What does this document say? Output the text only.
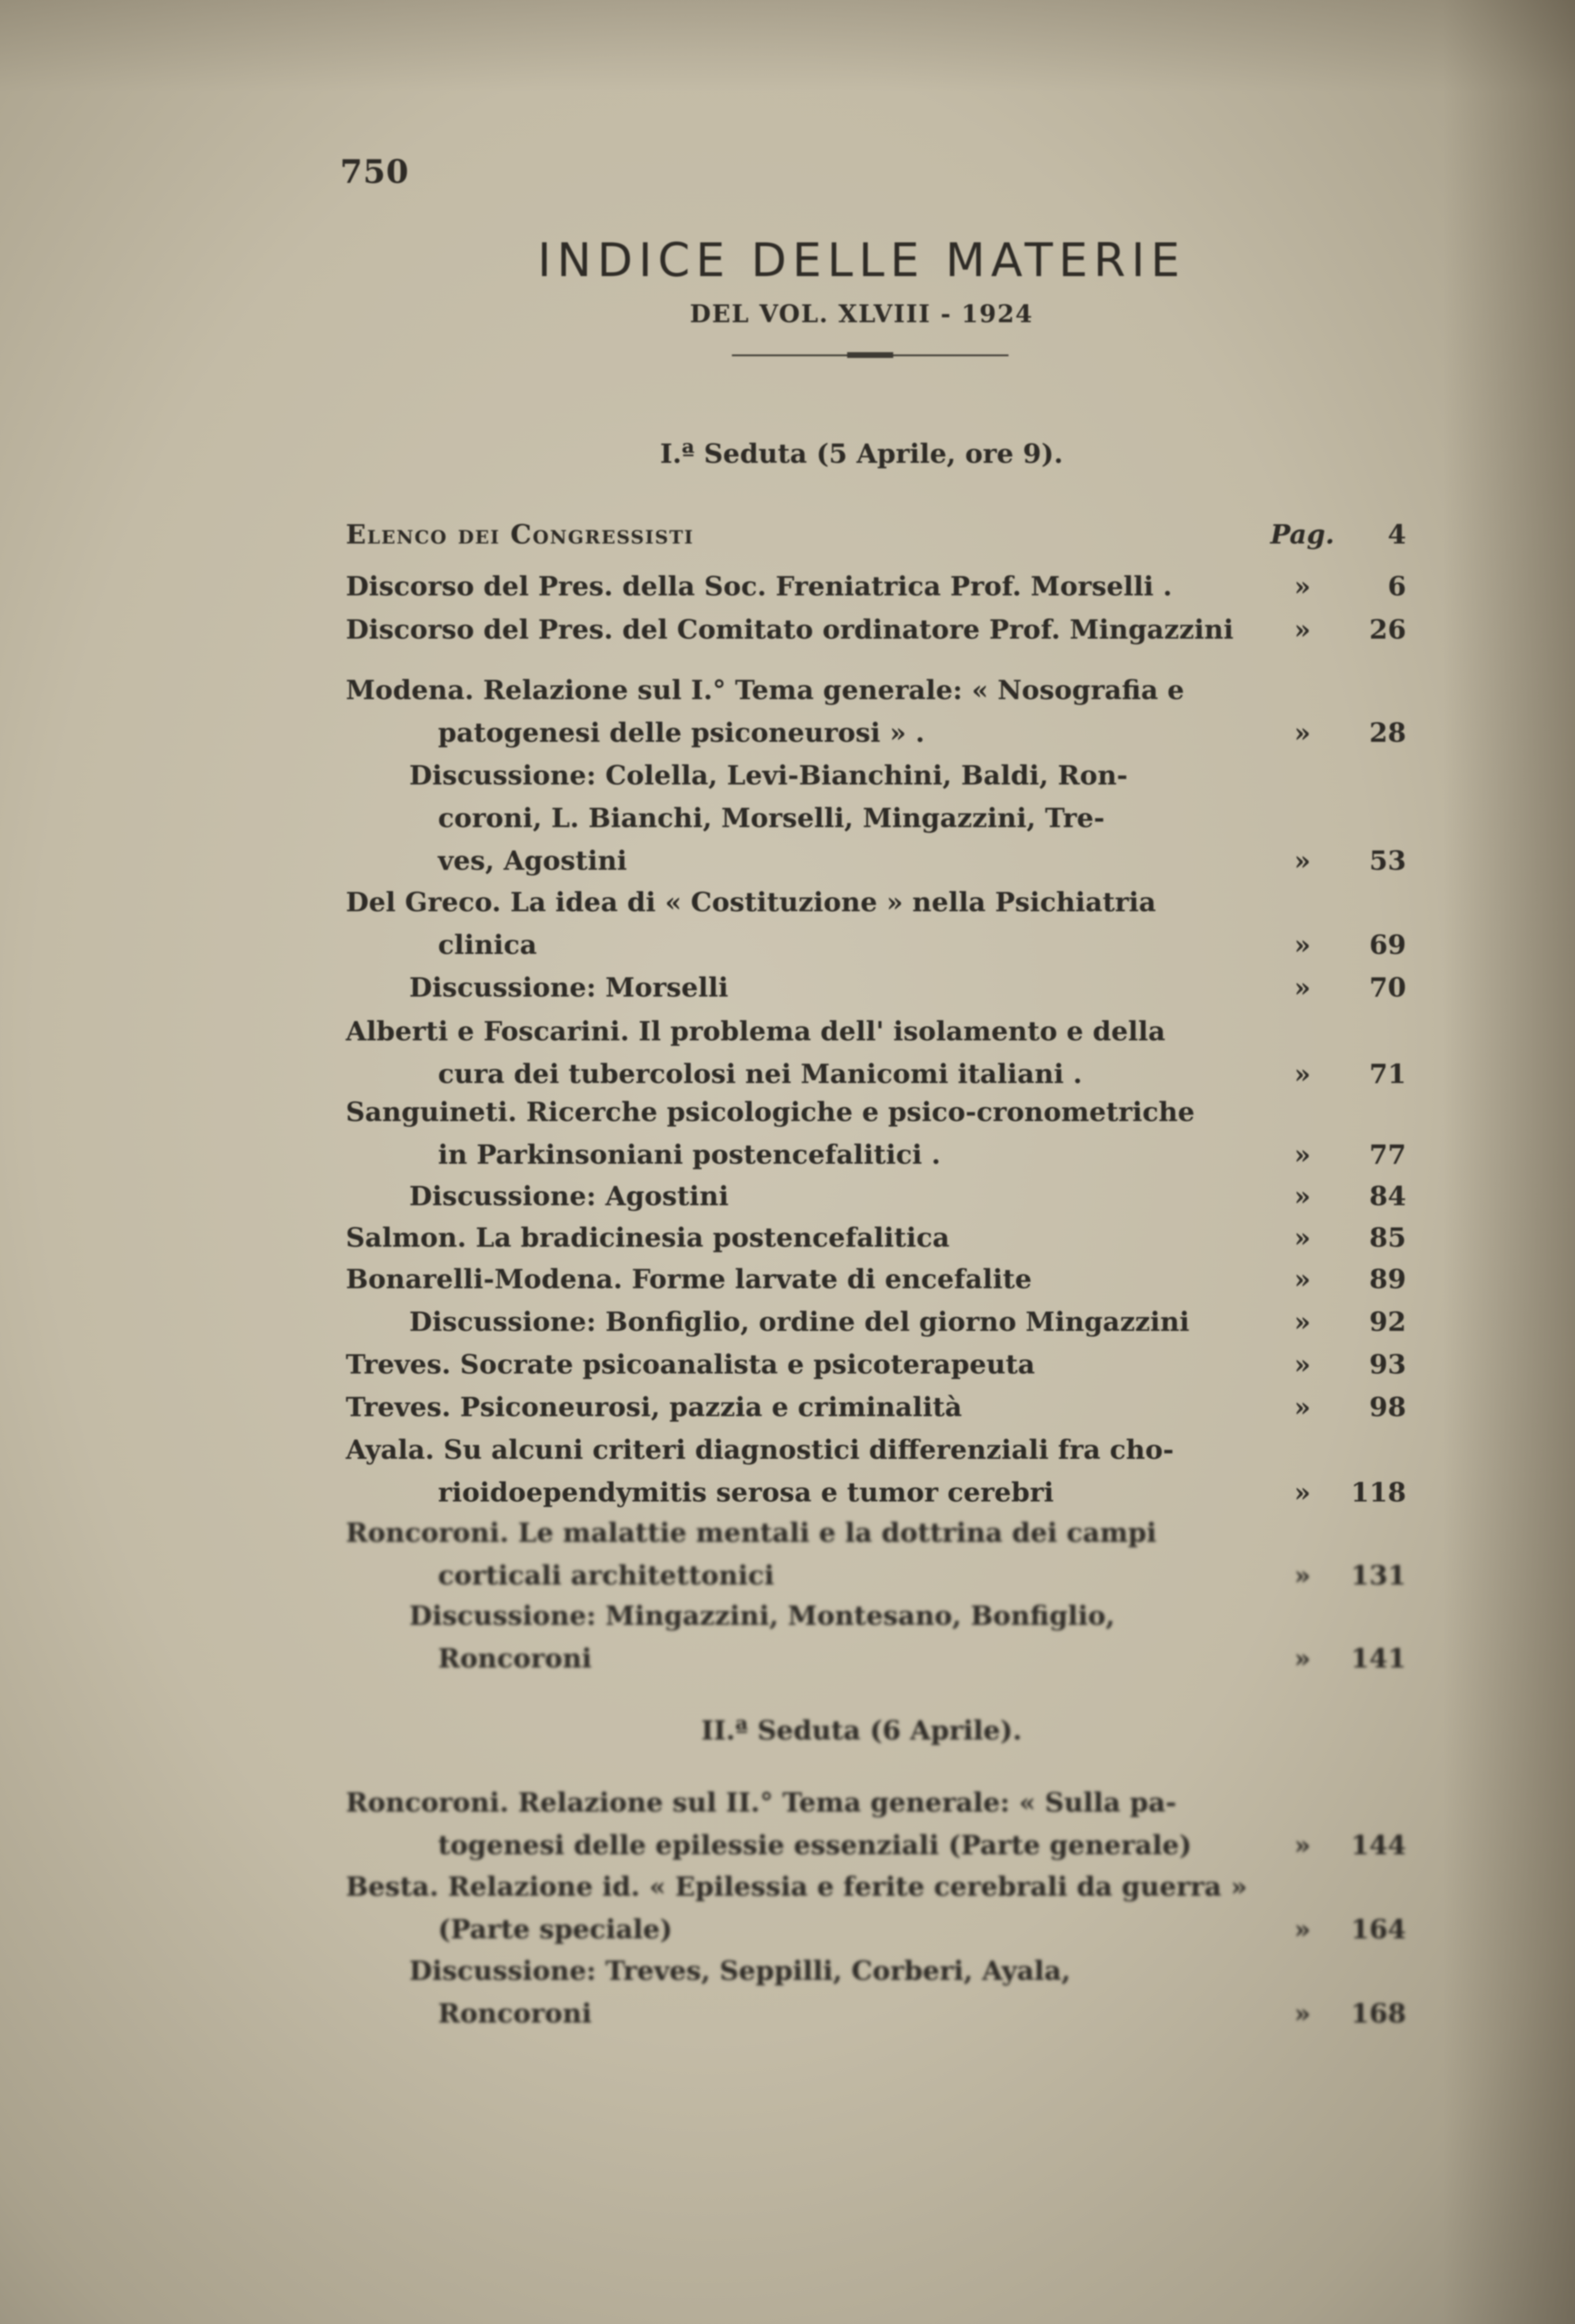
750
INDICE DELLE MATERIE
DEL VOL. XLVIII - 1924
I.ª Seduta (5 Aprile, ore 9).
Elenco dei Congressisti	Pag.	4
Discorso del Pres. della Soc. Freniatrica Prof. Morselli .	»	6
Discorso del Pres. del Comitato ordinatore Prof. Mingazzini	»	26
Modena. Relazione sul I.° Tema generale: « Nosografia e
patogenesi delle psiconeurosi » .	»	28
Discussione: Colella, Levi-Bianchini, Baldi, Ron-
coroni, L. Bianchi, Morselli, Mingazzini, Tre-
ves, Agostini	»	53
Del Greco. La idea di « Costituzione » nella Psichiatria
clinica	»	69
Discussione: Morselli	»	70
Alberti e Foscarini. Il problema dell' isolamento e della
cura dei tubercolosi nei Manicomi italiani .	»	71
Sanguineti. Ricerche psicologiche e psico-cronometriche
in Parkinsoniani postencefalitici .	»	77
Discussione: Agostini	»	84
Salmon. La bradicinesia postencefalitica	»	85
Bonarelli-Modena. Forme larvate di encefalite	»	89
Discussione: Bonfiglio, ordine del giorno Mingazzini	»	92
Treves. Socrate psicoanalista e psicoterapeuta	»	93
Treves. Psiconeurosi, pazzia e criminalità	»	98
Ayala. Su alcuni criteri diagnostici differenziali fra cho-
rioidoependymitis serosa e tumor cerebri	»	118
Roncoroni. Le malattie mentali e la dottrina dei campi
corticali architettonici	»	131
Discussione: Mingazzini, Montesano, Bonfiglio,
Roncoroni	»	141
II.ª Seduta (6 Aprile).
Roncoroni. Relazione sul II.° Tema generale: « Sulla pa-
togenesi delle epilessie essenziali (Parte generale)	»	144
Besta. Relazione id. « Epilessia e ferite cerebrali da guerra »
(Parte speciale)	»	164
Discussione: Treves, Seppilli, Corberi, Ayala,
Roncoroni	»	168
